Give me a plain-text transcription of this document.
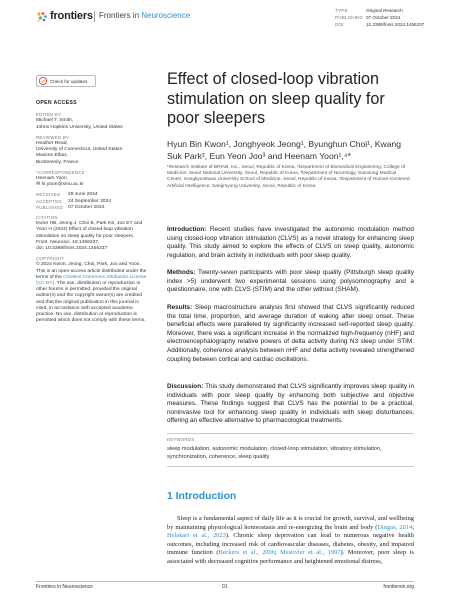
frontiers Frontiers in Neuroscience
TYPE	Original Research
PUBLISHED 07 October 2024
DOI	10.3389/fnins.2024.1456237
Check for updates
OPEN ACCESS
EDITED BY
Michael T. Smith,
Johns Hopkins University, United States
REVIEWED BY
Heather Read,
University of Connecticut, United States
Maxime Elbaz,
BioSerenity, France
*CORRESPONDENCE
Heenam Yoon
✉ hr.yoon@smu.ac.kr
RECEIVED	28 June 2024
ACCEPTED	24 September 2024
PUBLISHED 07 October 2024
CITATION
Kwon HB, Jeong J, Choi B, Park KS, Joo EY and Yoon H (2024) Effect of closed-loop vibration stimulation on sleep quality for poor sleepers.
Front. Neurosci. 18:1456237.
doi: 10.3389/fnins.2024.1456237
COPYRIGHT
© 2024 Kwon, Jeong, Choi, Park, Joo and Yoon. This is an open-access article distributed under the terms of the Creative Commons Attribution License (CC BY). The use, distribution or reproduction in other forums is permitted, provided the original author(s) and the copyright owner(s) are credited and that the original publication in this journal is cited, in accordance with accepted academic practice. No use, distribution or reproduction is permitted which does not comply with these terms.
Effect of closed-loop vibration stimulation on sleep quality for poor sleepers
Hyun Bin Kwon¹, Jonghyeok Jeong¹, Byunghun Choi¹, Kwang Suk Park², Eun Yeon Joo³ and Heenam Yoon¹,⁴*
¹Research Institute of BRIAB, Inc., Seoul, Republic of Korea, ²Department of Biomedical Engineering, College of Medicine, Seoul National University, Seoul, Republic of Korea, ³Department of Neurology, Samsung Medical Center, Sungkyunkwan University School of Medicine, Seoul, Republic of Korea, ⁴Department of Human-Centered Artificial Intelligence, Sangmyung University, Seoul, Republic of Korea

Introduction: Recent studies have investigated the autonomic modulation method using closed-loop vibration stimulation (CLVS) as a novel strategy for enhancing sleep quality. This study aimed to explore the effects of CLVS on sleep quality, autonomic regulation, and brain activity in individuals with poor sleep quality.

Methods: Twenty-seven participants with poor sleep quality (Pittsburgh sleep quality index >5) underwent two experimental sessions using polysomnography and a questionnaire, one with CLVS (STIM) and the other without (SHAM).

Results: Sleep macrostructure analysis first showed that CLVS significantly reduced the total time, proportion, and average duration of waking after sleep onset. These beneficial effects were paralleled by significantly increased self-reported sleep quality. Moreover, there was a significant increase in the normalized high-frequency (nHF) and electroencephalography relative powers of delta activity during N3 sleep under STIM. Additionally, coherence analysis between nHF and delta activity revealed strengthened coupling between cortical and cardiac oscillations.

Discussion: This study demonstrated that CLVS significantly improves sleep quality in individuals with poor sleep quality by enhancing both subjective and objective measures. These findings suggest that CLVS has the potential to be a practical, noninvasive tool for enhancing sleep quality in individuals with sleep disturbances, offering an effective alternative to pharmacological treatments.

KEYWORDS
sleep modulation, autonomic modulation, closed-loop stimulation, vibratory stimulation, synchronization, coherence, sleep quality
1 Introduction

Sleep is a fundamental aspect of daily life as it is crucial for growth, survival, and wellbeing by maintaining physiological homeostasis and re-energizing the brain and body (Dingus, 2014; Helakari et al., 2023). Chronic sleep deprivation can lead to numerous negative health outcomes, including increased risk of cardiovascular diseases, diabetes, obesity, and impaired immune function (Beckers et al., 2006; Mestivier et al., 1997). Moreover, poor sleep is associated with decreased cognitive performance and heightened emotional distress,

Frontiers in Neuroscience	01	frontiersin.org
